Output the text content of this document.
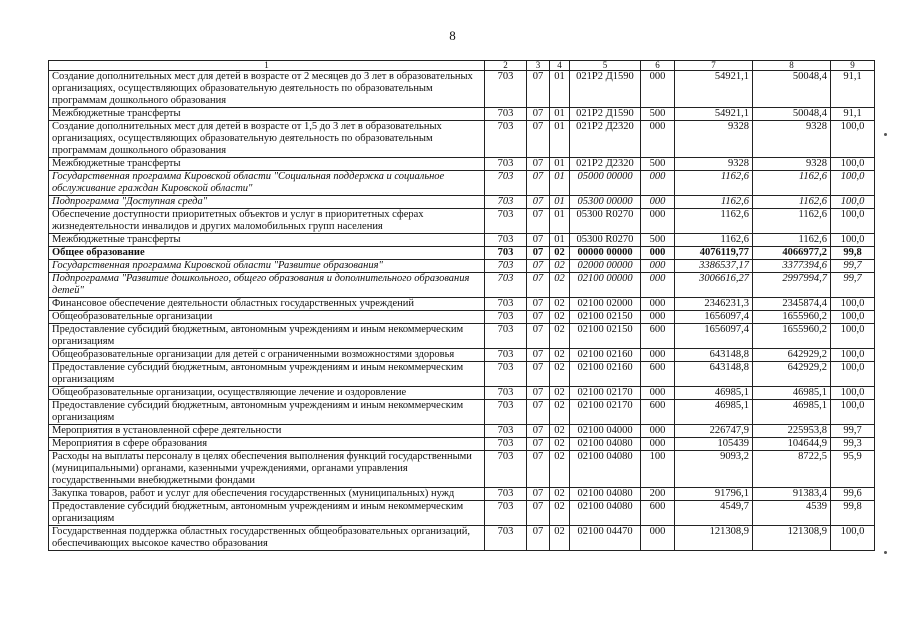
8
1	2	3	4	5	6	7	8	9
Создание дополнительных мест для детей в возрасте от 2 месяцев до 3 лет в образовательных организациях, осуществляющих образовательную деятельность по образовательным программам дошкольного образования	703	07	01	021P2 Д1590	000	54921,1	50048,4	91,1
Межбюджетные трансферты	703	07	01	021P2 Д1590	500	54921,1	50048,4	91,1
Создание дополнительных мест для детей в возрасте от 1,5 до 3 лет в образовательных организациях, осуществляющих образовательную деятельность по образовательным программам дошкольного образования	703	07	01	021P2 Д2320	000	9328	9328	100,0
Межбюджетные трансферты	703	07	01	021P2 Д2320	500	9328	9328	100,0
Государственная программа Кировской области "Социальная поддержка и социальное обслуживание граждан Кировской области"	703	07	01	05000 00000	000	1162,6	1162,6	100,0
Подпрограмма "Доступная среда"	703	07	01	05300 00000	000	1162,6	1162,6	100,0
Обеспечение доступности приоритетных объектов и услуг в приоритетных сферах жизнедеятельности инвалидов и других маломобильных групп населения	703	07	01	05300 R0270	000	1162,6	1162,6	100,0
Межбюджетные трансферты	703	07	01	05300 R0270	500	1162,6	1162,6	100,0
Общее образование	703	07	02	00000 00000	000	4076119,77	4066977,2	99,8
Государственная программа Кировской области "Развитие образования"	703	07	02	02000 00000	000	3386537,17	3377394,6	99,7
Подпрограмма "Развитие дошкольного, общего образования и дополнительного образования детей"	703	07	02	02100 00000	000	3006616,27	2997994,7	99,7
Финансовое обеспечение деятельности областных государственных учреждений	703	07	02	02100 02000	000	2346231,3	2345874,4	100,0
Общеобразовательные организации	703	07	02	02100 02150	000	1656097,4	1655960,2	100,0
Предоставление субсидий бюджетным, автономным учреждениям и иным некоммерческим организациям	703	07	02	02100 02150	600	1656097,4	1655960,2	100,0
Общеобразовательные организации для детей с ограниченными возможностями здоровья	703	07	02	02100 02160	000	643148,8	642929,2	100,0
Предоставление субсидий бюджетным, автономным учреждениям и иным некоммерческим организациям	703	07	02	02100 02160	600	643148,8	642929,2	100,0
Общеобразовательные организации, осуществляющие лечение и оздоровление	703	07	02	02100 02170	000	46985,1	46985,1	100,0
Предоставление субсидий бюджетным, автономным учреждениям и иным некоммерческим организациям	703	07	02	02100 02170	600	46985,1	46985,1	100,0
Мероприятия в установленной сфере деятельности	703	07	02	02100 04000	000	226747,9	225953,8	99,7
Мероприятия в сфере образования	703	07	02	02100 04080	000	105439	104644,9	99,3
Расходы на выплаты персоналу в целях обеспечения выполнения функций государственными (муниципальными) органами, казенными учреждениями, органами управления государственными внебюджетными фондами	703	07	02	02100 04080	100	9093,2	8722,5	95,9
Закупка товаров, работ и услуг для обеспечения государственных (муниципальных) нужд	703	07	02	02100 04080	200	91796,1	91383,4	99,6
Предоставление субсидий бюджетным, автономным учреждениям и иным некоммерческим организациям	703	07	02	02100 04080	600	4549,7	4539	99,8
Государственная поддержка областных государственных общеобразовательных организаций, обеспечивающих высокое качество образования	703	07	02	02100 04470	000	121308,9	121308,9	100,0
